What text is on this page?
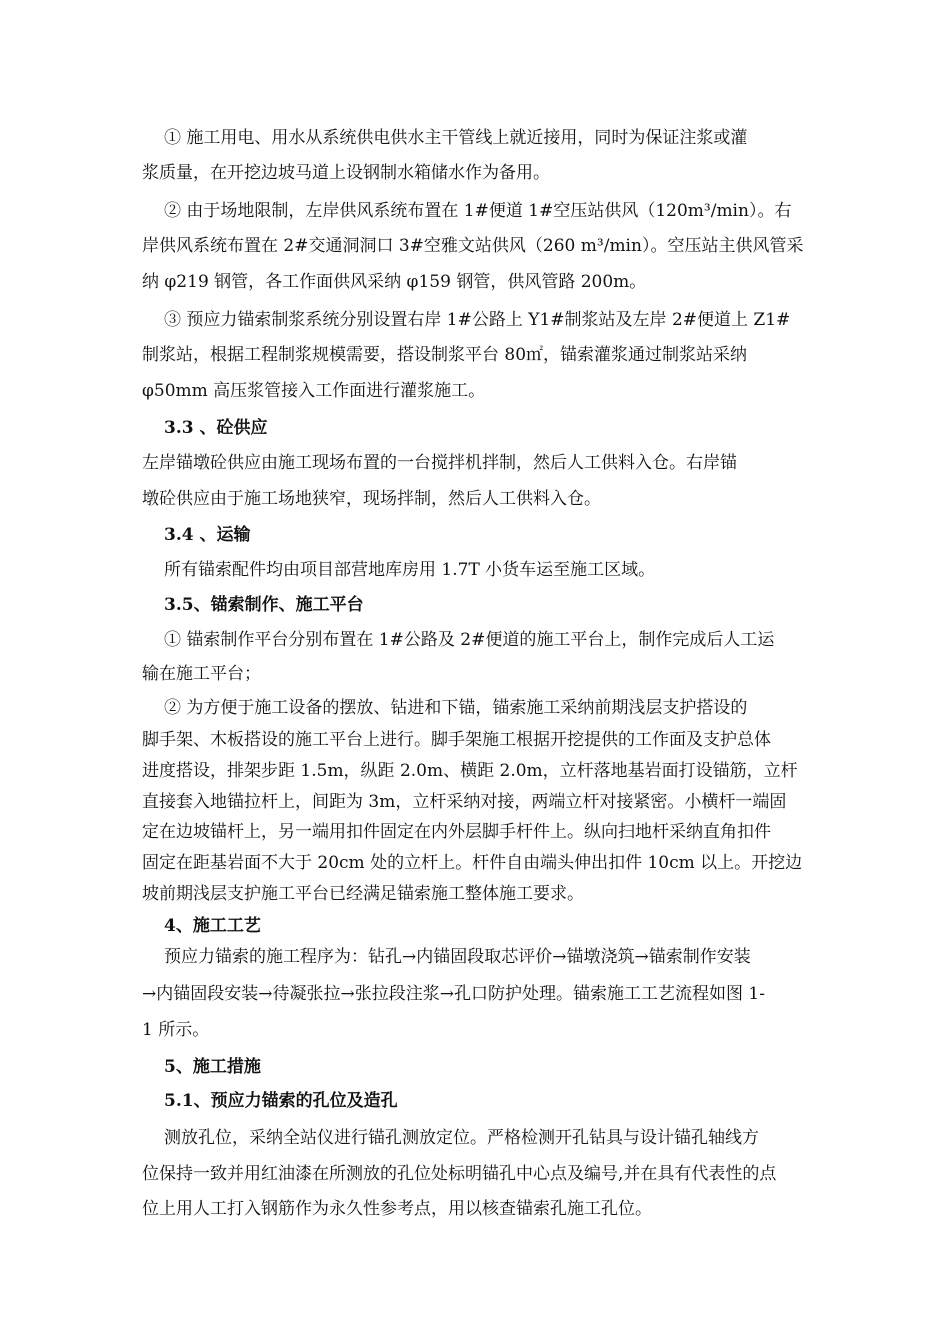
① 施工用电、用水从系统供电供水主干管线上就近接用，同时为保证注浆或灌
浆质量，在开挖边坡马道上设钢制水箱储水作为备用。
② 由于场地限制，左岸供风系统布置在 1#便道 1#空压站供风（120m³/min）。右
岸供风系统布置在 2#交通洞洞口 3#空雅文站供风（260 m³/min）。空压站主供风管采
纳 φ219 钢管，各工作面供风采纳 φ159 钢管，供风管路 200m。
③ 预应力锚索制浆系统分别设置右岸 1#公路上 Y1#制浆站及左岸 2#便道上 Z1#
制浆站，根据工程制浆规模需要，搭设制浆平台 80㎡，锚索灌浆通过制浆站采纳
φ50mm 高压浆管接入工作面进行灌浆施工。
3.3 、砼供应
左岸锚墩砼供应由施工现场布置的一台搅拌机拌制，然后人工供料入仓。右岸锚
墩砼供应由于施工场地狭窄，现场拌制，然后人工供料入仓。
3.4 、运输
所有锚索配件均由项目部营地库房用 1.7T 小货车运至施工区域。
3.5、锚索制作、施工平台
① 锚索制作平台分别布置在 1#公路及 2#便道的施工平台上，制作完成后人工运
输在施工平台；
② 为方便于施工设备的摆放、钻进和下锚，锚索施工采纳前期浅层支护搭设的
脚手架、木板搭设的施工平台上进行。脚手架施工根据开挖提供的工作面及支护总体
进度搭设，排架步距 1.5m，纵距 2.0m、横距 2.0m，立杆落地基岩面打设锚筋，立杆
直接套入地锚拉杆上，间距为 3m，立杆采纳对接，两端立杆对接紧密。小横杆一端固
定在边坡锚杆上，另一端用扣件固定在内外层脚手杆件上。纵向扫地杆采纳直角扣件
固定在距基岩面不大于 20cm 处的立杆上。杆件自由端头伸出扣件 10cm 以上。开挖边
坡前期浅层支护施工平台已经满足锚索施工整体施工要求。
4、施工工艺
预应力锚索的施工程序为：钻孔→内锚固段取芯评价→锚墩浇筑→锚索制作安装
→内锚固段安装→待凝张拉→张拉段注浆→孔口防护处理。锚索施工工艺流程如图 1-
1 所示。
5、施工措施
5.1、预应力锚索的孔位及造孔
测放孔位，采纳全站仪进行锚孔测放定位。严格检测开孔钻具与设计锚孔轴线方
位保持一致并用红油漆在所测放的孔位处标明锚孔中心点及编号,并在具有代表性的点
位上用人工打入钢筋作为永久性参考点，用以核查锚索孔施工孔位。
